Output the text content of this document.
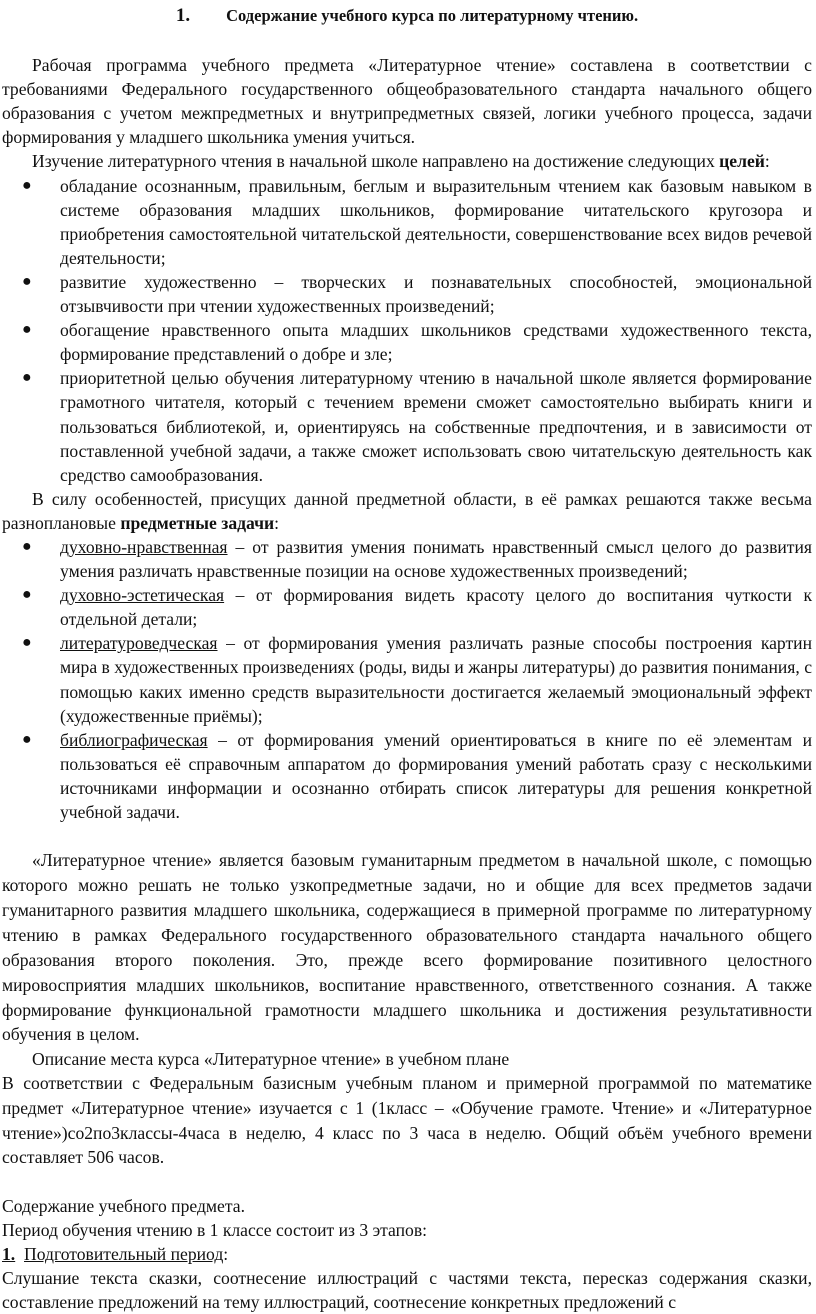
1. Содержание учебного курса по литературному чтению.

Рабочая программа учебного предмета «Литературное чтение» составлена в соответствии с требованиями Федерального государственного общеобразовательного стандарта начального общего образования с учетом межпредметных и внутрипредметных связей, логики учебного процесса, задачи формирования у младшего школьника умения учиться.

Изучение литературного чтения в начальной школе направлено на достижение следующих целей:

● обладание осознанным, правильным, беглым и выразительным чтением как базовым навыком в системе образования младших школьников, формирование читательского кругозора и приобретения самостоятельной читательской деятельности, совершенствование всех видов речевой деятельности;
● развитие художественно – творческих и познавательных способностей, эмоциональной отзывчивости при чтении художественных произведений;
● обогащение нравственного опыта младших школьников средствами художественного текста, формирование представлений о добре и зле;
● приоритетной целью обучения литературному чтению в начальной школе является формирование грамотного читателя, который с течением времени сможет самостоятельно выбирать книги и пользоваться библиотекой, и, ориентируясь на собственные предпочтения, и в зависимости от поставленной учебной задачи, а также сможет использовать свою читательскую деятельность как средство самообразования.

В силу особенностей, присущих данной предметной области, в её рамках решаются также весьма разноплановые предметные задачи:

● духовно-нравственная – от развития умения понимать нравственный смысл целого до развития умения различать нравственные позиции на основе художественных произведений;
● духовно-эстетическая – от формирования видеть красоту целого до воспитания чуткости к отдельной детали;
● литературоведческая – от формирования умения различать разные способы построения картин мира в художественных произведениях (роды, виды и жанры литературы) до развития понимания, с помощью каких именно средств выразительности достигается желаемый эмоциональный эффект (художественные приёмы);
● библиографическая – от формирования умений ориентироваться в книге по её элементам и пользоваться её справочным аппаратом до формирования умений работать сразу с несколькими источниками информации и осознанно отбирать список литературы для решения конкретной учебной задачи.

«Литературное чтение» является базовым гуманитарным предметом в начальной школе, с помощью которого можно решать не только узкопредметные задачи, но и общие для всех предметов задачи гуманитарного развития младшего школьника, содержащиеся в примерной программе по литературному чтению в рамках Федерального государственного образовательного стандарта начального общего образования второго поколения. Это, прежде всего формирование позитивного целостного мировосприятия младших школьников, воспитание нравственного, ответственного сознания. А также формирование функциональной грамотности младшего школьника и достижения результативности обучения в целом.

Описание места курса «Литературное чтение» в учебном плане

В соответствии с Федеральным базисным учебным планом и примерной программой по математике предмет «Литературное чтение» изучается с 1 (1класс – «Обучение грамоте. Чтение» и «Литературное чтение»)со2по3классы-4часа в неделю, 4 класс по 3 часа в неделю. Общий объём учебного времени составляет 506 часов.

Содержание учебного предмета.

Период обучения чтению в 1 классе состоит из 3 этапов:

1. Подготовительный период:

Слушание текста сказки, соотнесение иллюстраций с частями текста, пересказ содержания сказки, составление предложений на тему иллюстраций, соотнесение конкретных предложений с
